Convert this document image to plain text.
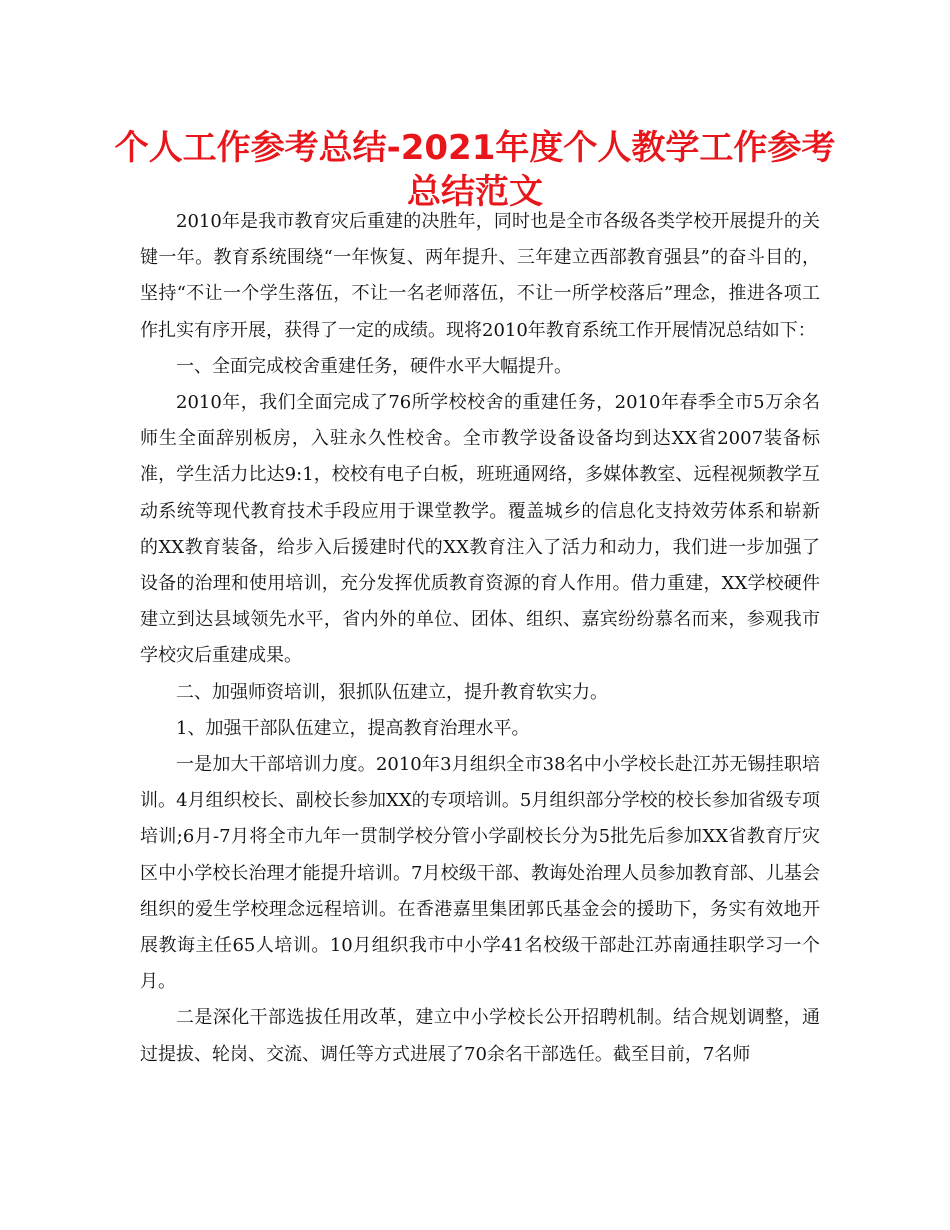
个人工作参考总结-2021年度个人教学工作参考
总结范文

2010年是我市教育灾后重建的决胜年，同时也是全市各级各类学校开展提升的关键一年。教育系统围绕“一年恢复、两年提升、三年建立西部教育强县”的奋斗目的，坚持“不让一个学生落伍，不让一名老师落伍，不让一所学校落后”理念，推进各项工作扎实有序开展，获得了一定的成绩。现将2010年教育系统工作开展情况总结如下：

一、全面完成校舍重建任务，硬件水平大幅提升。

2010年，我们全面完成了76所学校校舍的重建任务，2010年春季全市5万余名师生全面辞别板房，入驻永久性校舍。全市教学设备设备均到达XX省2007装备标准，学生活力比达9:1，校校有电子白板，班班通网络，多媒体教室、远程视频教学互动系统等现代教育技术手段应用于课堂教学。覆盖城乡的信息化支持效劳体系和崭新的XX教育装备，给步入后援建时代的XX教育注入了活力和动力，我们进一步加强了设备的治理和使用培训，充分发挥优质教育资源的育人作用。借力重建，XX学校硬件建立到达县域领先水平，省内外的单位、团体、组织、嘉宾纷纷慕名而来，参观我市学校灾后重建成果。

二、加强师资培训，狠抓队伍建立，提升教育软实力。

1、加强干部队伍建立，提高教育治理水平。

一是加大干部培训力度。2010年3月组织全市38名中小学校长赴江苏无锡挂职培训。4月组织校长、副校长参加XX的专项培训。5月组织部分学校的校长参加省级专项培训;6月-7月将全市九年一贯制学校分管小学副校长分为5批先后参加XX省教育厅灾区中小学校长治理才能提升培训。7月校级干部、教诲处治理人员参加教育部、儿基会组织的爱生学校理念远程培训。在香港嘉里集团郭氏基金会的援助下，务实有效地开展教诲主任65人培训。10月组织我市中小学41名校级干部赴江苏南通挂职学习一个月。

二是深化干部选拔任用改革，建立中小学校长公开招聘机制。结合规划调整，通过提拔、轮岗、交流、调任等方式进展了70余名干部选任。截至目前，7名师
